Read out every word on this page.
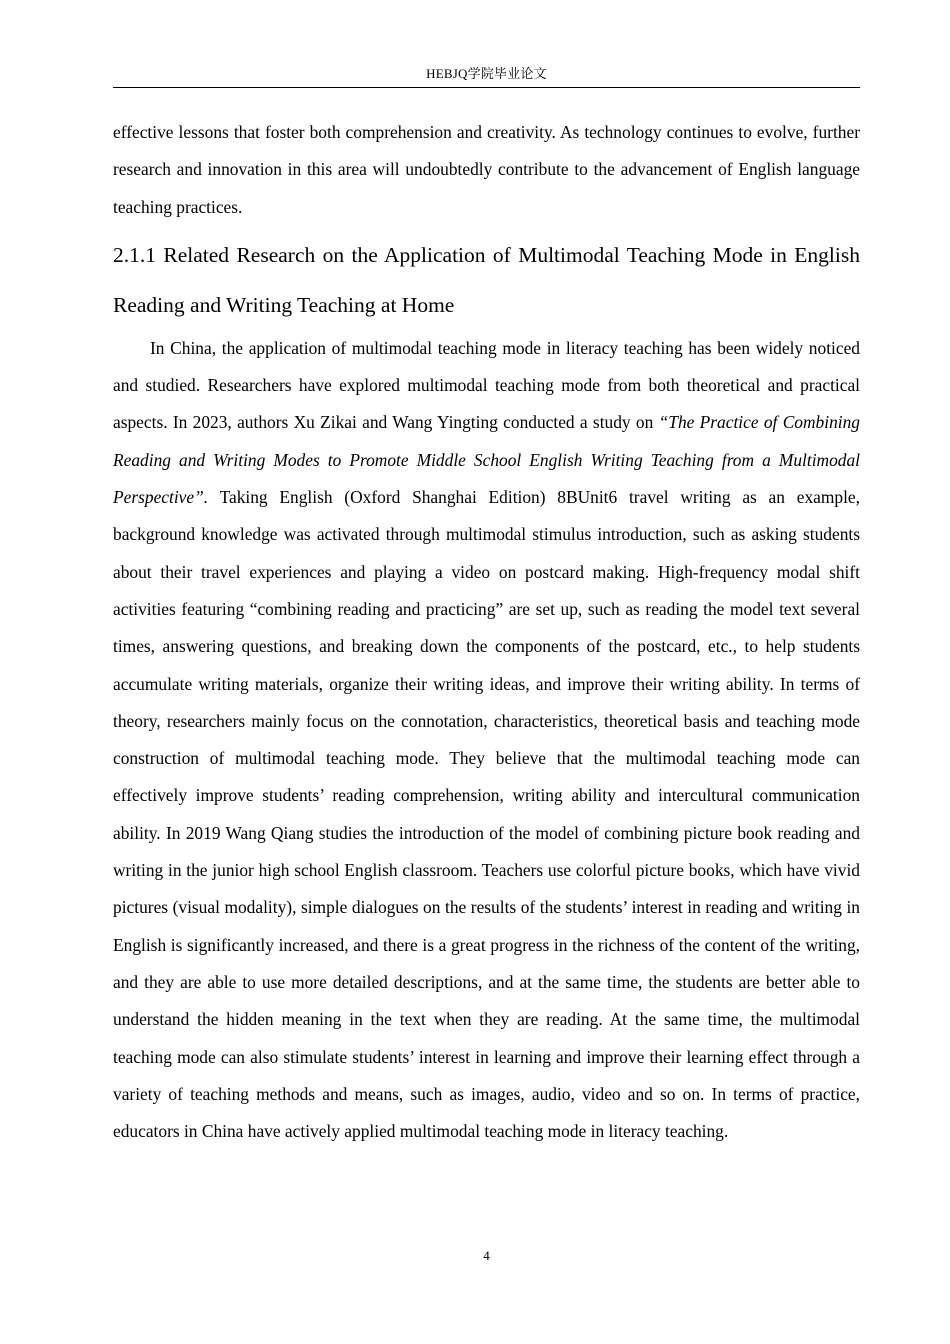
HEBJQ学院毕业论文

effective lessons that foster both comprehension and creativity. As technology continues to evolve, further research and innovation in this area will undoubtedly contribute to the advancement of English language teaching practices.

2.1.1 Related Research on the Application of Multimodal Teaching Mode in English Reading and Writing Teaching at Home

In China, the application of multimodal teaching mode in literacy teaching has been widely noticed and studied. Researchers have explored multimodal teaching mode from both theoretical and practical aspects. In 2023, authors Xu Zikai and Wang Yingting conducted a study on “The Practice of Combining Reading and Writing Modes to Promote Middle School English Writing Teaching from a Multimodal Perspective”. Taking English (Oxford Shanghai Edition) 8BUnit6 travel writing as an example, background knowledge was activated through multimodal stimulus introduction, such as asking students about their travel experiences and playing a video on postcard making. High-frequency modal shift activities featuring “combining reading and practicing” are set up, such as reading the model text several times, answering questions, and breaking down the components of the postcard, etc., to help students accumulate writing materials, organize their writing ideas, and improve their writing ability. In terms of theory, researchers mainly focus on the connotation, characteristics, theoretical basis and teaching mode construction of multimodal teaching mode. They believe that the multimodal teaching mode can effectively improve students’ reading comprehension, writing ability and intercultural communication ability. In 2019 Wang Qiang studies the introduction of the model of combining picture book reading and writing in the junior high school English classroom. Teachers use colorful picture books, which have vivid pictures (visual modality), simple dialogues on the results of the students’ interest in reading and writing in English is significantly increased, and there is a great progress in the richness of the content of the writing, and they are able to use more detailed descriptions, and at the same time, the students are better able to understand the hidden meaning in the text when they are reading. At the same time, the multimodal teaching mode can also stimulate students’ interest in learning and improve their learning effect through a variety of teaching methods and means, such as images, audio, video and so on. In terms of practice, educators in China have actively applied multimodal teaching mode in literacy teaching.

4
